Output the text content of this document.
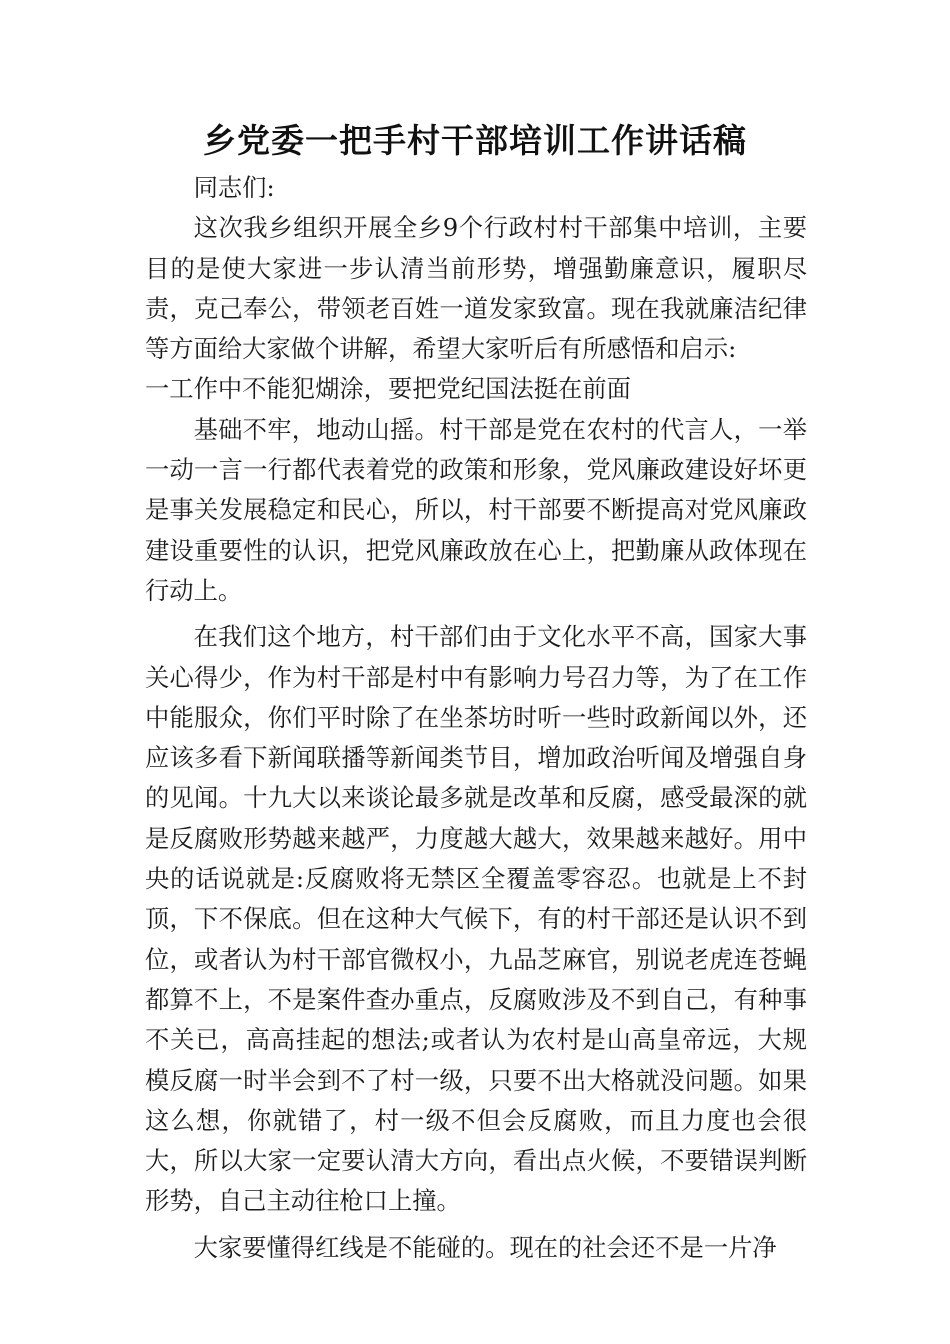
乡党委一把手村干部培训工作讲话稿

同志们:

这次我乡组织开展全乡9个行政村村干部集中培训，主要目的是使大家进一步认清当前形势，增强勤廉意识，履职尽责，克己奉公，带领老百姓一道发家致富。现在我就廉洁纪律等方面给大家做个讲解，希望大家听后有所感悟和启示:

一工作中不能犯煳涂，要把党纪国法挺在前面

基础不牢，地动山摇。村干部是党在农村的代言人，一举一动一言一行都代表着党的政策和形象，党风廉政建设好坏更是事关发展稳定和民心，所以，村干部要不断提高对党风廉政建设重要性的认识，把党风廉政放在心上，把勤廉从政体现在行动上。

在我们这个地方，村干部们由于文化水平不高，国家大事关心得少，作为村干部是村中有影响力号召力等，为了在工作中能服众，你们平时除了在坐茶坊时听一些时政新闻以外，还应该多看下新闻联播等新闻类节目，增加政治听闻及增强自身的见闻。十九大以来谈论最多就是改革和反腐，感受最深的就是反腐败形势越来越严，力度越大越大，效果越来越好。用中央的话说就是:反腐败将无禁区全覆盖零容忍。也就是上不封顶，下不保底。但在这种大气候下，有的村干部还是认识不到位，或者认为村干部官微权小，九品芝麻官，别说老虎连苍蝇都算不上，不是案件查办重点，反腐败涉及不到自己，有种事不关已，高高挂起的想法;或者认为农村是山高皇帝远，大规模反腐一时半会到不了村一级，只要不出大格就没问题。如果这么想，你就错了，村一级不但会反腐败，而且力度也会很大，所以大家一定要认清大方向，看出点火候，不要错误判断形势，自己主动往枪口上撞。

大家要懂得红线是不能碰的。现在的社会还不是一片净
